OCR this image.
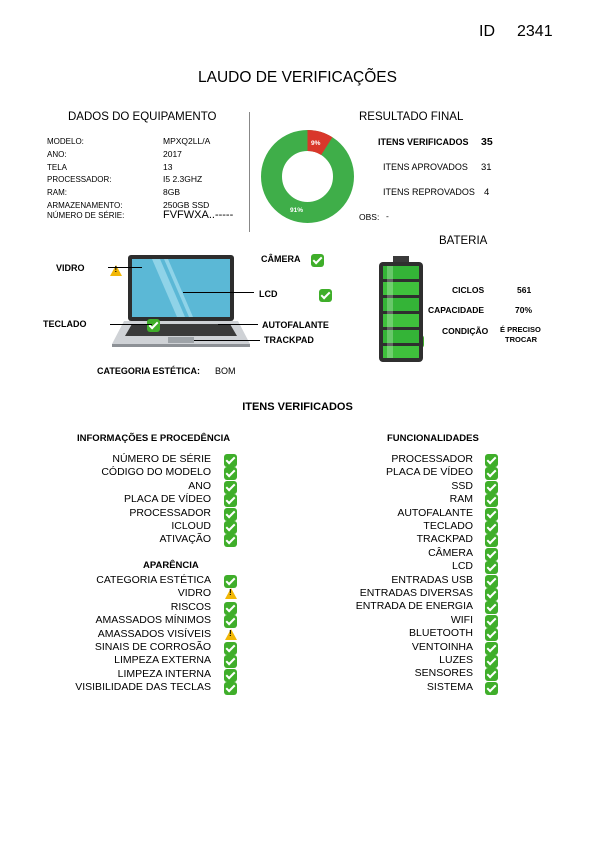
ID 2341
LAUDO DE VERIFICAÇÕES
DADOS DO EQUIPAMENTO
MODELO:	MPXQ2LL/A
ANO:	2017
TELA	13
PROCESSADOR:	I5 2.3GHZ
RAM:	8GB
ARMAZENAMENTO:	250GB SSD
NÚMERO DE SÉRIE:	FVFWXA..-----
RESULTADO FINAL
9%
91%
ITENS VERIFICADOS 35
ITENS APROVADOS 31
ITENS REPROVADOS 4
OBS: -
CÂMERA

VIDRO
!
LCD

TECLADO
	AUTOFALANTE

TRACKPAD

CATEGORIA ESTÉTICA: BOM
BATERIA
CICLOS	561

CAPACIDADE	70%

CONDIÇÃO É PRECISO
TROCAR
ITENS VERIFICADOS
INFORMAÇÕES E PROCEDÊNCIA	FUNCIONALIDADES
APARÊNCIA
NÚMERO DE SÉRIE
CÓDIGO DO MODELO
ANO
PLACA DE VÍDEO
PROCESSADOR
ICLOUD
ATIVAÇÃO
CATEGORIA ESTÉTICA
VIDRO
!
RISCOS
AMASSADOS MÍNIMOS
AMASSADOS VISÍVEIS
!
SINAIS DE CORROSÃO
LIMPEZA EXTERNA
LIMPEZA INTERNA
VISIBILIDADE DAS TECLAS
PROCESSADOR
PLACA DE VÍDEO
SSD
RAM
AUTOFALANTE
TECLADO
TRACKPAD
CÂMERA
LCD
ENTRADAS USB
ENTRADAS DIVERSAS
ENTRADA DE ENERGIA
WIFI
BLUETOOTH
VENTOINHA
LUZES
SENSORES
SISTEMA
